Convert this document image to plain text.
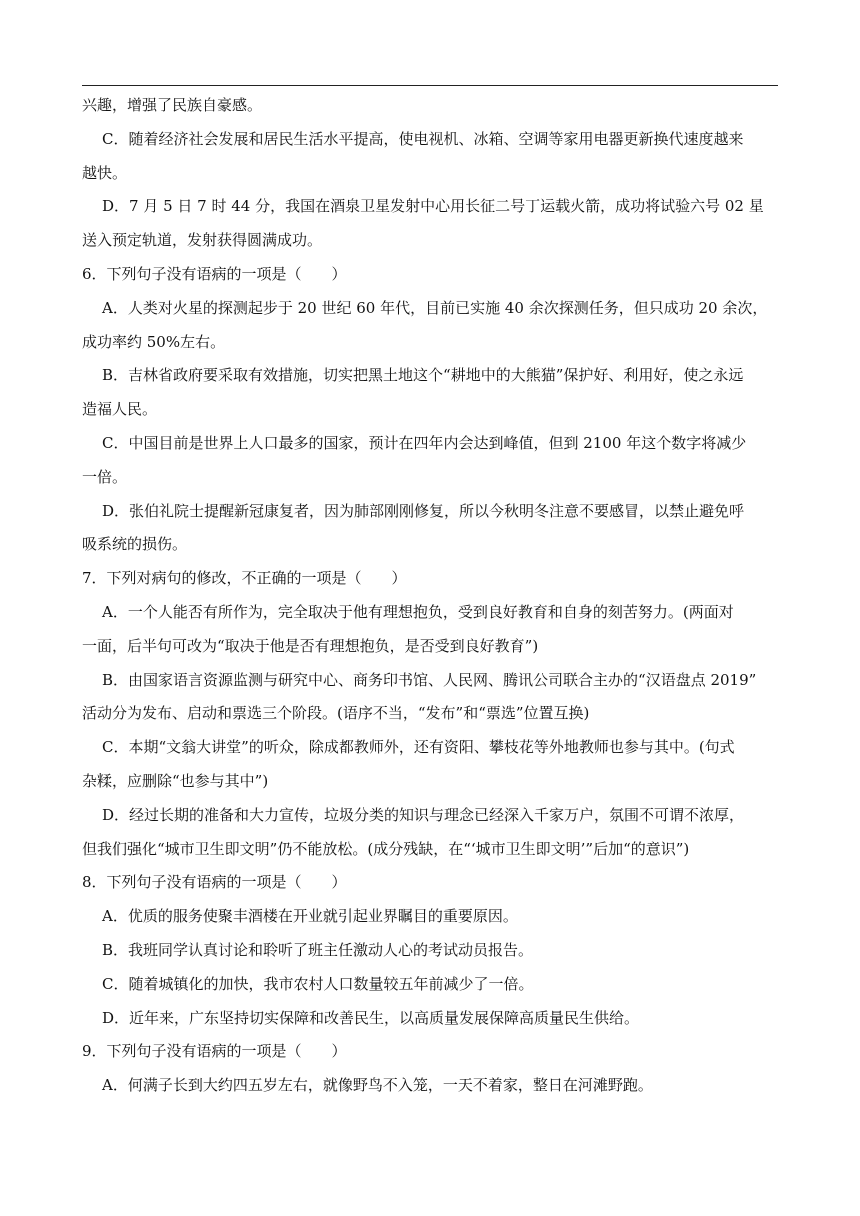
兴趣，增强了民族自豪感。

C．随着经济社会发展和居民生活水平提高，使电视机、冰箱、空调等家用电器更新换代速度越来

越快。

D．7 月 5 日 7 时 44 分，我国在酒泉卫星发射中心用长征二号丁运载火箭，成功将试验六号 02 星

送入预定轨道，发射获得圆满成功。

6．下列句子没有语病的一项是（　　）

A．人类对火星的探测起步于 20 世纪 60 年代，目前已实施 40 余次探测任务，但只成功 20 余次，

成功率约 50%左右。

B．吉林省政府要采取有效措施，切实把黑土地这个“耕地中的大熊猫”保护好、利用好，使之永远

造福人民。

C．中国目前是世界上人口最多的国家，预计在四年内会达到峰值，但到 2100 年这个数字将减少

一倍。

D．张伯礼院士提醒新冠康复者，因为肺部刚刚修复，所以今秋明冬注意不要感冒，以禁止避免呼

吸系统的损伤。

7．下列对病句的修改，不正确的一项是（　　）

A．一个人能否有所作为，完全取决于他有理想抱负，受到良好教育和自身的刻苦努力。(两面对

一面，后半句可改为“取决于他是否有理想抱负，是否受到良好教育”)

B．由国家语言资源监测与研究中心、商务印书馆、人民网、腾讯公司联合主办的“汉语盘点 2019”

活动分为发布、启动和票选三个阶段。(语序不当，“发布”和“票选”位置互换)

C．本期“文翁大讲堂”的听众，除成都教师外，还有资阳、攀枝花等外地教师也参与其中。(句式

杂糅，应删除“也参与其中”)

D．经过长期的准备和大力宣传，垃圾分类的知识与理念已经深入千家万户，氛围不可谓不浓厚，

但我们强化“城市卫生即文明”仍不能放松。(成分残缺，在“‘城市卫生即文明’”后加“的意识”)

8．下列句子没有语病的一项是（　　）

A．优质的服务使聚丰酒楼在开业就引起业界瞩目的重要原因。

B．我班同学认真讨论和聆听了班主任激动人心的考试动员报告。

C．随着城镇化的加快，我市农村人口数量较五年前减少了一倍。

D．近年来，广东坚持切实保障和改善民生，以高质量发展保障高质量民生供给。

9．下列句子没有语病的一项是（　　）

A．何满子长到大约四五岁左右，就像野鸟不入笼，一天不着家，整日在河滩野跑。
